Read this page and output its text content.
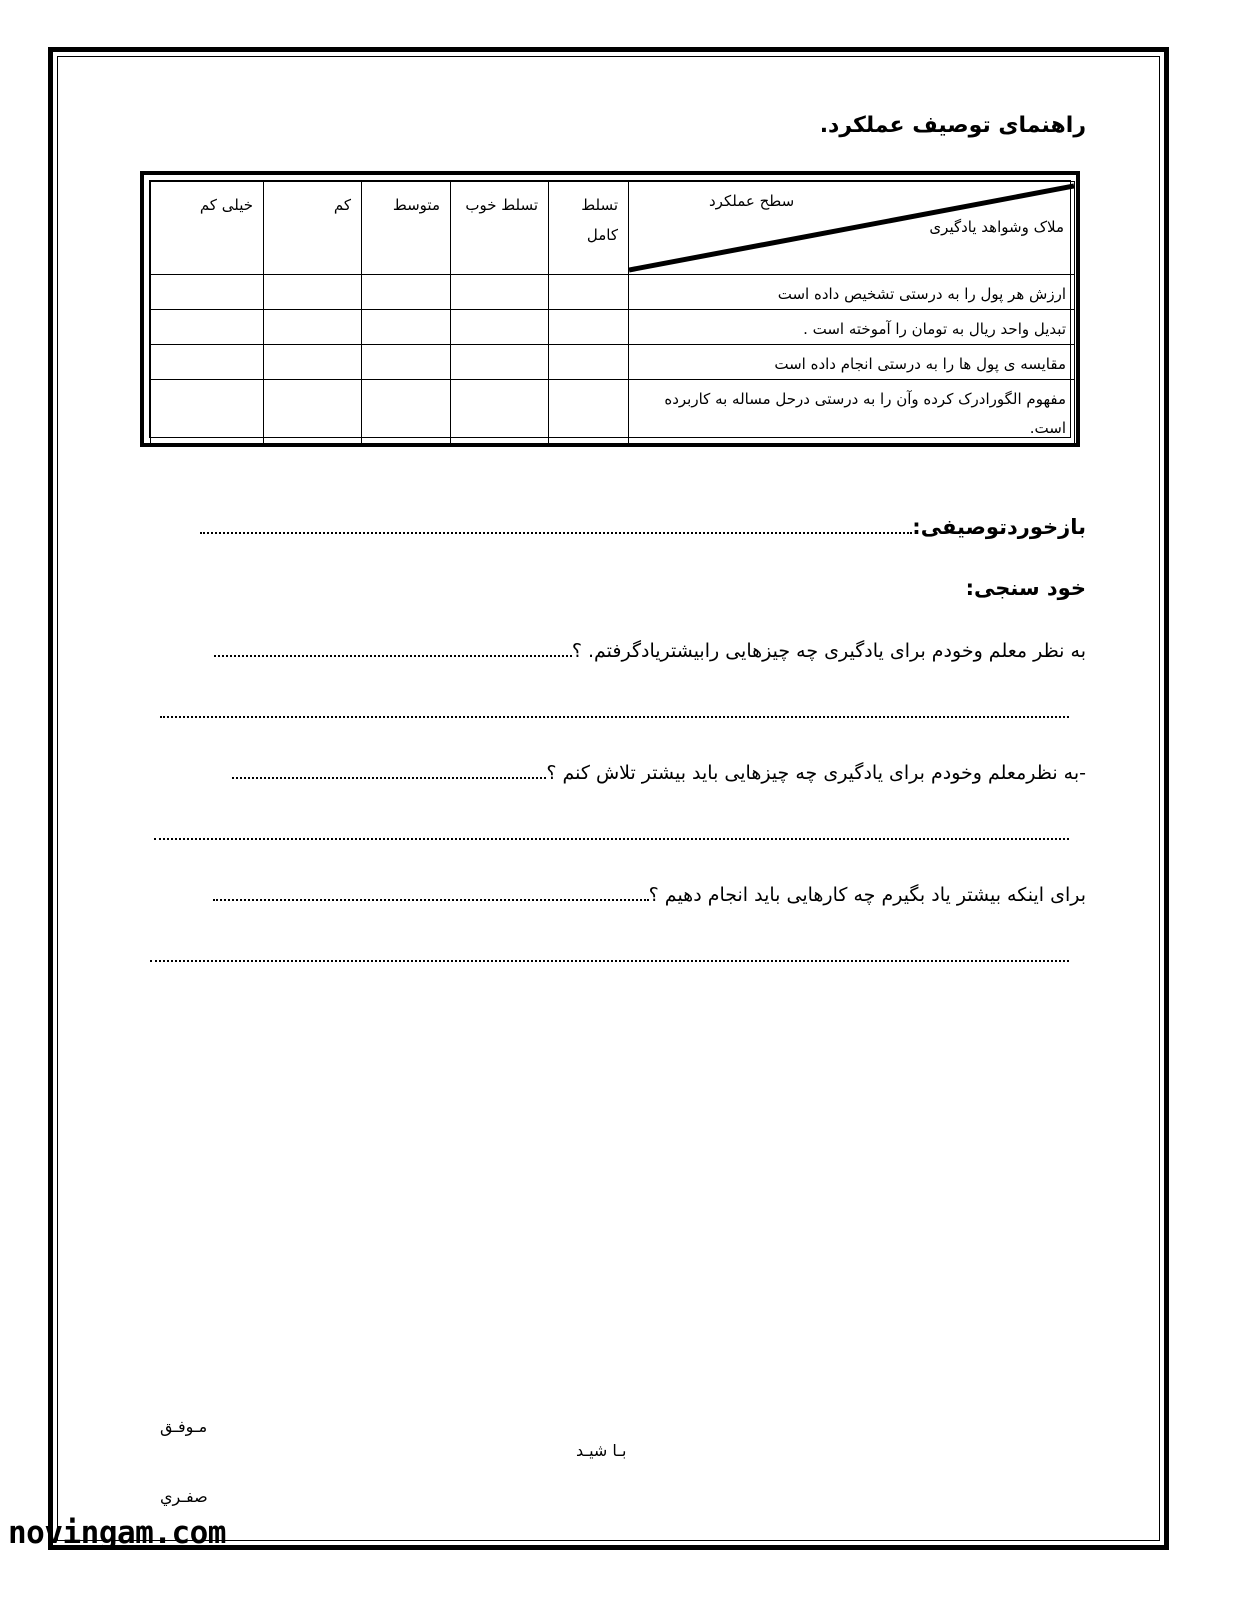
راهنمای توصیف عملکرد.
سطح عملکرد
ملاک وشواهد یادگیری	تسلط کامل	تسلط خوب	متوسط	کم	خیلی کم
ارزش هر پول را به درستی تشخیص داده است					
تبدیل واحد ریال به تومان را آموخته است .					
مقایسه ی پول ها را به درستی انجام داده است					
مفهوم الگورادرک کرده وآن را به درستی درحل مساله به کاربرده است.					
بازخوردتوصیفی:
خود سنجی:
به نظر معلم وخودم برای یادگیری چه چیزهایی رابیشتریادگرفتم. ؟
-به نظرمعلم وخودم برای یادگیری چه چیزهایی باید بیشتر تلاش کنم ؟
برای اینکه بیشتر یاد بگیرم چه کارهایی باید انجام دهیم ؟
مـوفـق
بـا شیـد
صفـري
novingam.com
